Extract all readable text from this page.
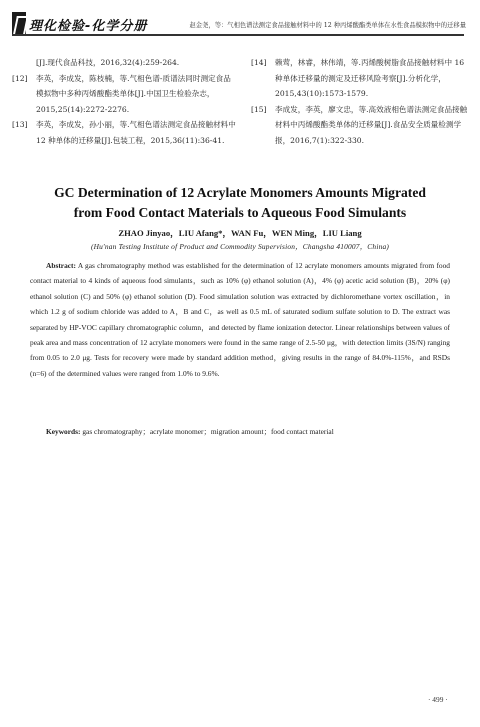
理化检验-化学分册	赵金尧，等：气相色谱法测定食品接触材料中的 12 种丙烯酸酯类单体在水性食品模拟物中的迁移量
[J].现代食品科技，2016,32(4):259-264.
[12] 李英，李成发，陈枝楠，等.气相色谱-质谱法同时测定食品模拟物中多种丙烯酸酯类单体[J].中国卫生检验杂志，2015,25(14):2272-2276.
[13] 李英，李成发，孙小丽，等.气相色谱法测定食品接触材料中 12 种单体的迁移量[J].包装工程，2015,36(11):36-41.
[14] 赖莺，林睿，林伟靖，等.丙烯酸树脂食品接触材料中 16 种单体迁移量的测定及迁移风险考察[J].分析化学，2015,43(10):1573-1579.
[15] 李成发，李英，廖文忠，等.高效液相色谱法测定食品接触材料中丙烯酸酯类单体的迁移量[J].食品安全质量检测学报，2016,7(1):322-330.
GC Determination of 12 Acrylate Monomers Amounts Migrated
from Food Contact Materials to Aqueous Food Simulants
ZHAO Jinyao，LIU Afang*，WAN Fu，WEN Ming，LIU Liang
(Hu'nan Testing Institute of Product and Commodity Supervision，Changsha 410007，China)
Abstract: A gas chromatography method was established for the determination of 12 acrylate monomers amounts migrated from food contact material to 4 kinds of aqueous food simulants，such as 10% (φ) ethanol solution (A)，4% (φ) acetic acid solution (B)，20% (φ) ethanol solution (C) and 50% (φ) ethanol solution (D). Food simulation solution was extracted by dichloromethane vortex oscillation，in which 1.2 g of sodium chloride was added to A，B and C，as well as 0.5 mL of saturated sodium sulfate solution to D. The extract was separated by HP-VOC capillary chromatographic column，and detected by flame ionization detector. Linear relationships between values of peak area and mass concentration of 12 acrylate monomers were found in the same range of 2.5-50 μg，with detection limits (3S/N) ranging from 0.05 to 2.0 μg. Tests for recovery were made by standard addition method，giving results in the range of 84.0%-115%，and RSDs (n=6) of the determined values were ranged from 1.0% to 9.6%.
Keywords: gas chromatography；acrylate monomer；migration amount；food contact material
· 499 ·
